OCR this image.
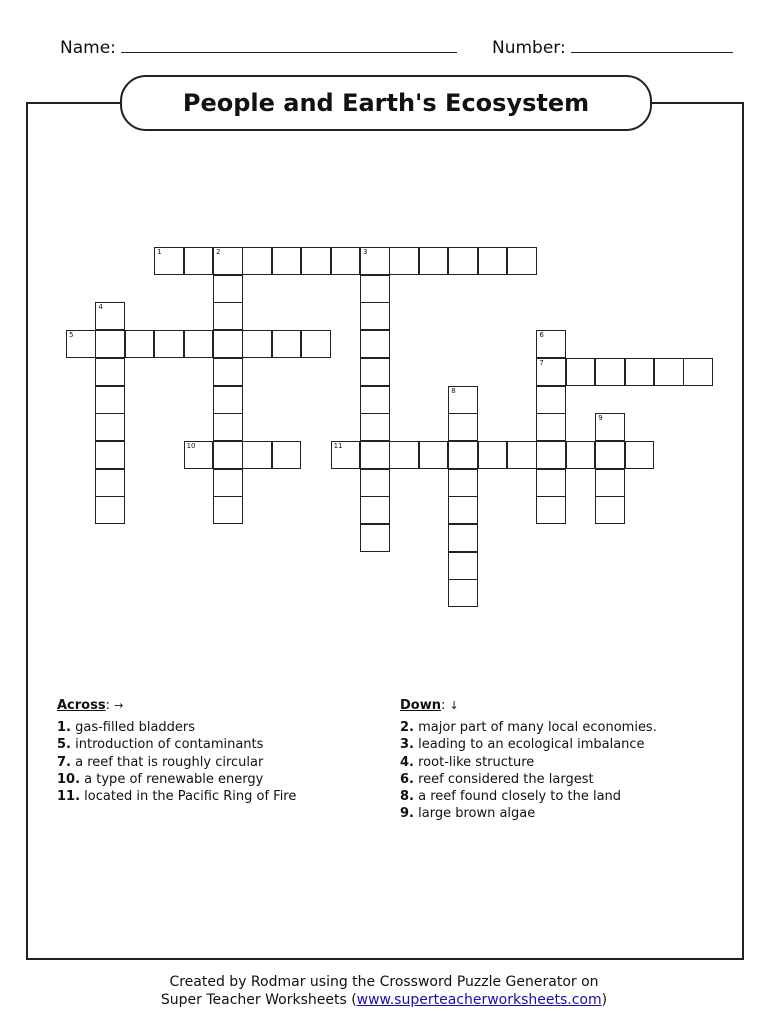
Name:	Number:
People and Earth's Ecosystem
1	2	3
4
5	6
7
8
9
10	11
Across: →
1. gas-filled bladders
5. introduction of contaminants
7. a reef that is roughly circular
10. a type of renewable energy
11. located in the Pacific Ring of Fire
Down: ↓
2. major part of many local economies.
3. leading to an ecological imbalance
4. root-like structure
6. reef considered the largest
8. a reef found closely to the land
9. large brown algae
Created by Rodmar using the Crossword Puzzle Generator on
Super Teacher Worksheets (www.superteacherworksheets.com)
